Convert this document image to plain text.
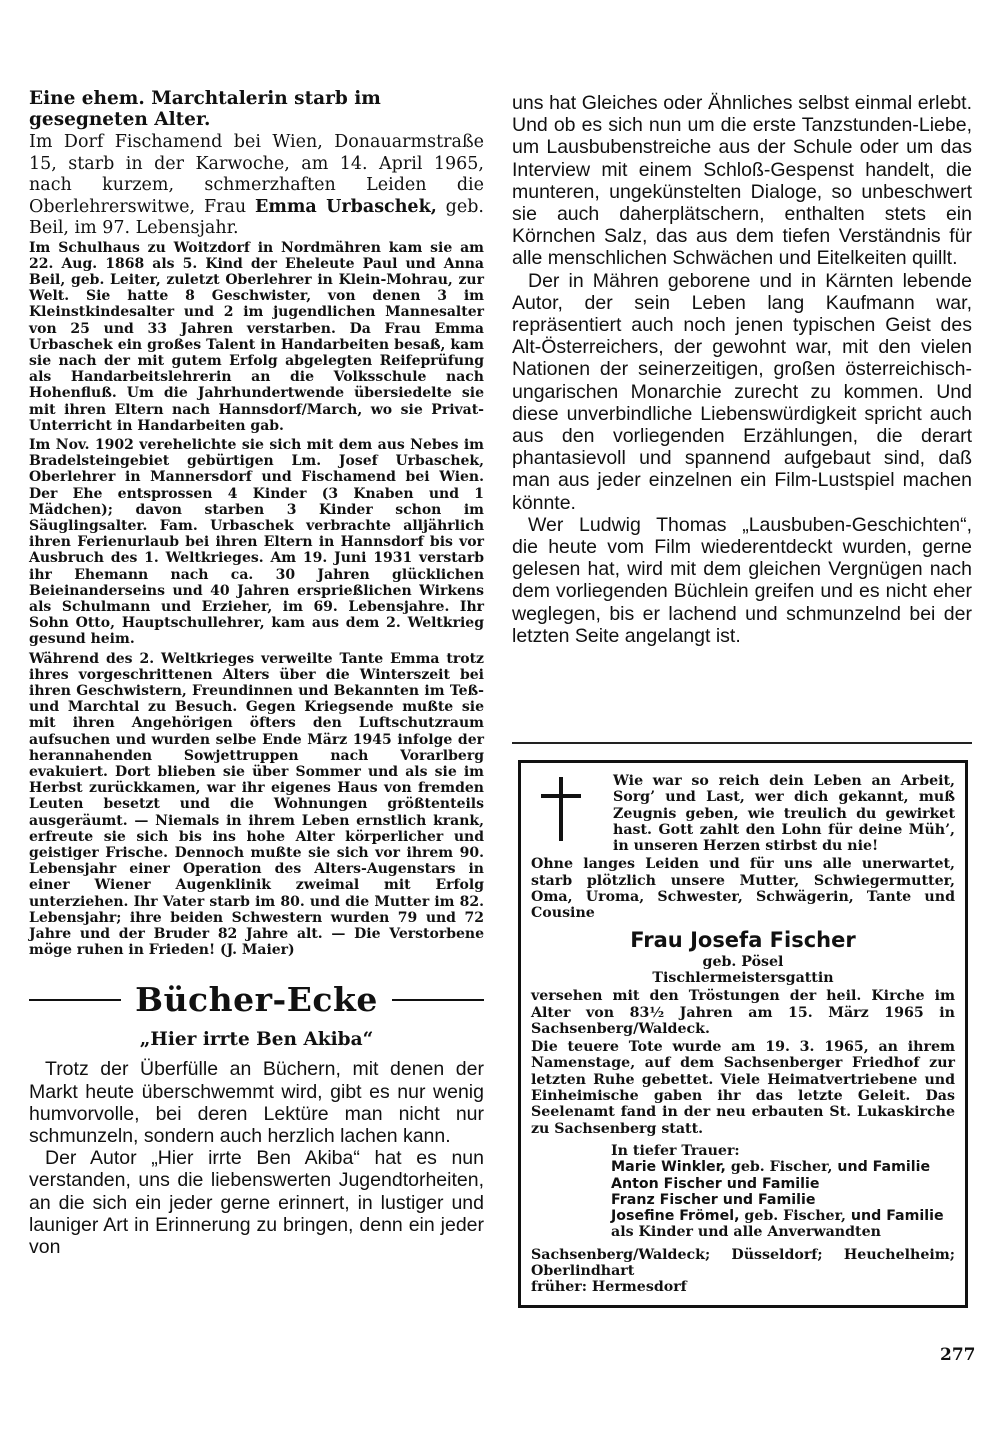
Eine ehem. Marchtalerin starb im gesegneten Alter.

Im Dorf Fischamend bei Wien, Donauarmstraße 15, starb in der Karwoche, am 14. April 1965, nach kurzem, schmerzhaften Leiden die Oberlehrerswitwe, Frau Emma Urbaschek, geb. Beil, im 97. Lebensjahr.

Im Schulhaus zu Woitzdorf in Nordmähren kam sie am 22. Aug. 1868 als 5. Kind der Eheleute Paul und Anna Beil, geb. Leiter, zuletzt Oberlehrer in Klein-Mohrau, zur Welt. Sie hatte 8 Geschwister, von denen 3 im Kleinstkindesalter und 2 im jugendlichen Mannesalter von 25 und 33 Jahren verstarben. Da Frau Emma Urbaschek ein großes Talent in Handarbeiten besaß, kam sie nach der mit gutem Erfolg abgelegten Reifeprüfung als Handarbeitslehrerin an die Volksschule nach Hohenfluß. Um die Jahrhundertwende übersiedelte sie mit ihren Eltern nach Hannsdorf/March, wo sie Privat-Unterricht in Handarbeiten gab.

Im Nov. 1902 verehelichte sie sich mit dem aus Nebes im Bradelsteingebiet gebürtigen Lm. Josef Urbaschek, Oberlehrer in Mannersdorf und Fischamend bei Wien. Der Ehe entsprossen 4 Kinder (3 Knaben und 1 Mädchen); davon starben 3 Kinder schon im Säuglingsalter. Fam. Urbaschek verbrachte alljährlich ihren Ferienurlaub bei ihren Eltern in Hannsdorf bis vor Ausbruch des 1. Weltkrieges. Am 19. Juni 1931 verstarb ihr Ehemann nach ca. 30 Jahren glücklichen Beieinanderseins und 40 Jahren ersprießlichen Wirkens als Schulmann und Erzieher, im 69. Lebensjahre. Ihr Sohn Otto, Hauptschullehrer, kam aus dem 2. Weltkrieg gesund heim.

Während des 2. Weltkrieges verweilte Tante Emma trotz ihres vorgeschrittenen Alters über die Winterszeit bei ihren Geschwistern, Freundinnen und Bekannten im Teß- und Marchtal zu Besuch. Gegen Kriegsende mußte sie mit ihren Angehörigen öfters den Luftschutzraum aufsuchen und wurden selbe Ende März 1945 infolge der herannahenden Sowjettruppen nach Vorarlberg evakuiert. Dort blieben sie über Sommer und als sie im Herbst zurückkamen, war ihr eigenes Haus von fremden Leuten besetzt und die Wohnungen größtenteils ausgeräumt. — Niemals in ihrem Leben ernstlich krank, erfreute sie sich bis ins hohe Alter körperlicher und geistiger Frische. Dennoch mußte sie sich vor ihrem 90. Lebensjahr einer Operation des Alters-Augenstars in einer Wiener Augenklinik zweimal mit Erfolg unterziehen. Ihr Vater starb im 80. und die Mutter im 82. Lebensjahr; ihre beiden Schwestern wurden 79 und 72 Jahre und der Bruder 82 Jahre alt. — Die Verstorbene möge ruhen in Frieden! (J. Maier)

Bücher-Ecke
„Hier irrte Ben Akiba“

Trotz der Überfülle an Büchern, mit denen der Markt heute überschwemmt wird, gibt es nur wenig humvorvolle, bei deren Lektüre man nicht nur schmunzeln, sondern auch herzlich lachen kann.

Der Autor „Hier irrte Ben Akiba“ hat es nun verstanden, uns die liebenswerten Jugendtorheiten, an die sich ein jeder gerne erinnert, in lustiger und launiger Art in Erinnerung zu bringen, denn ein jeder von

uns hat Gleiches oder Ähnliches selbst einmal erlebt. Und ob es sich nun um die erste Tanzstunden-Liebe, um Lausbubenstreiche aus der Schule oder um das Interview mit einem Schloß-Gespenst handelt, die munteren, ungekünstelten Dialoge, so unbeschwert sie auch daherplätschern, enthalten stets ein Körnchen Salz, das aus dem tiefen Verständnis für alle menschlichen Schwächen und Eitelkeiten quillt.

Der in Mähren geborene und in Kärnten lebende Autor, der sein Leben lang Kaufmann war, repräsentiert auch noch jenen typischen Geist des Alt-Österreichers, der gewohnt war, mit den vielen Nationen der seinerzeitigen, großen österreichisch-ungarischen Monarchie zurecht zu kommen. Und diese unverbindliche Liebenswürdigkeit spricht auch aus den vorliegenden Erzählungen, die derart phantasievoll und spannend aufgebaut sind, daß man aus jeder einzelnen ein Film-Lustspiel machen könnte.

Wer Ludwig Thomas „Lausbuben-Geschichten“, die heute vom Film wiederentdeckt wurden, gerne gelesen hat, wird mit dem gleichen Vergnügen nach dem vorliegenden Büchlein greifen und es nicht eher weglegen, bis er lachend und schmunzelnd bei der letzten Seite angelangt ist.

Wie war so reich dein Leben an Arbeit, Sorg’ und Last, wer dich gekannt, muß Zeugnis geben, wie treulich du gewirket hast. Gott zahlt den Lohn für deine Müh’, in unseren Herzen stirbst du nie!

Ohne langes Leiden und für uns alle unerwartet, starb plötzlich unsere Mutter, Schwiegermutter, Oma, Uroma, Schwester, Schwägerin, Tante und Cousine

Frau Josefa Fischer
geb. Pösel
Tischlermeistersgattin

versehen mit den Tröstungen der heil. Kirche im Alter von 83½ Jahren am 15. März 1965 in Sachsenberg/Waldeck.

Die teuere Tote wurde am 19. 3. 1965, an ihrem Namenstage, auf dem Sachsenberger Friedhof zur letzten Ruhe gebettet. Viele Heimatvertriebene und Einheimische gaben ihr das letzte Geleit. Das Seelenamt fand in der neu erbauten St. Lukaskirche zu Sachsenberg statt.

In tiefer Trauer:
Marie Winkler, geb. Fischer, und Familie
Anton Fischer und Familie
Franz Fischer und Familie
Josefine Frömel, geb. Fischer, und Familie
als Kinder und alle Anverwandten

Sachsenberg/Waldeck;   Düsseldorf;   Heuchelheim; Oberlindhart

früher: Hermesdorf

277
